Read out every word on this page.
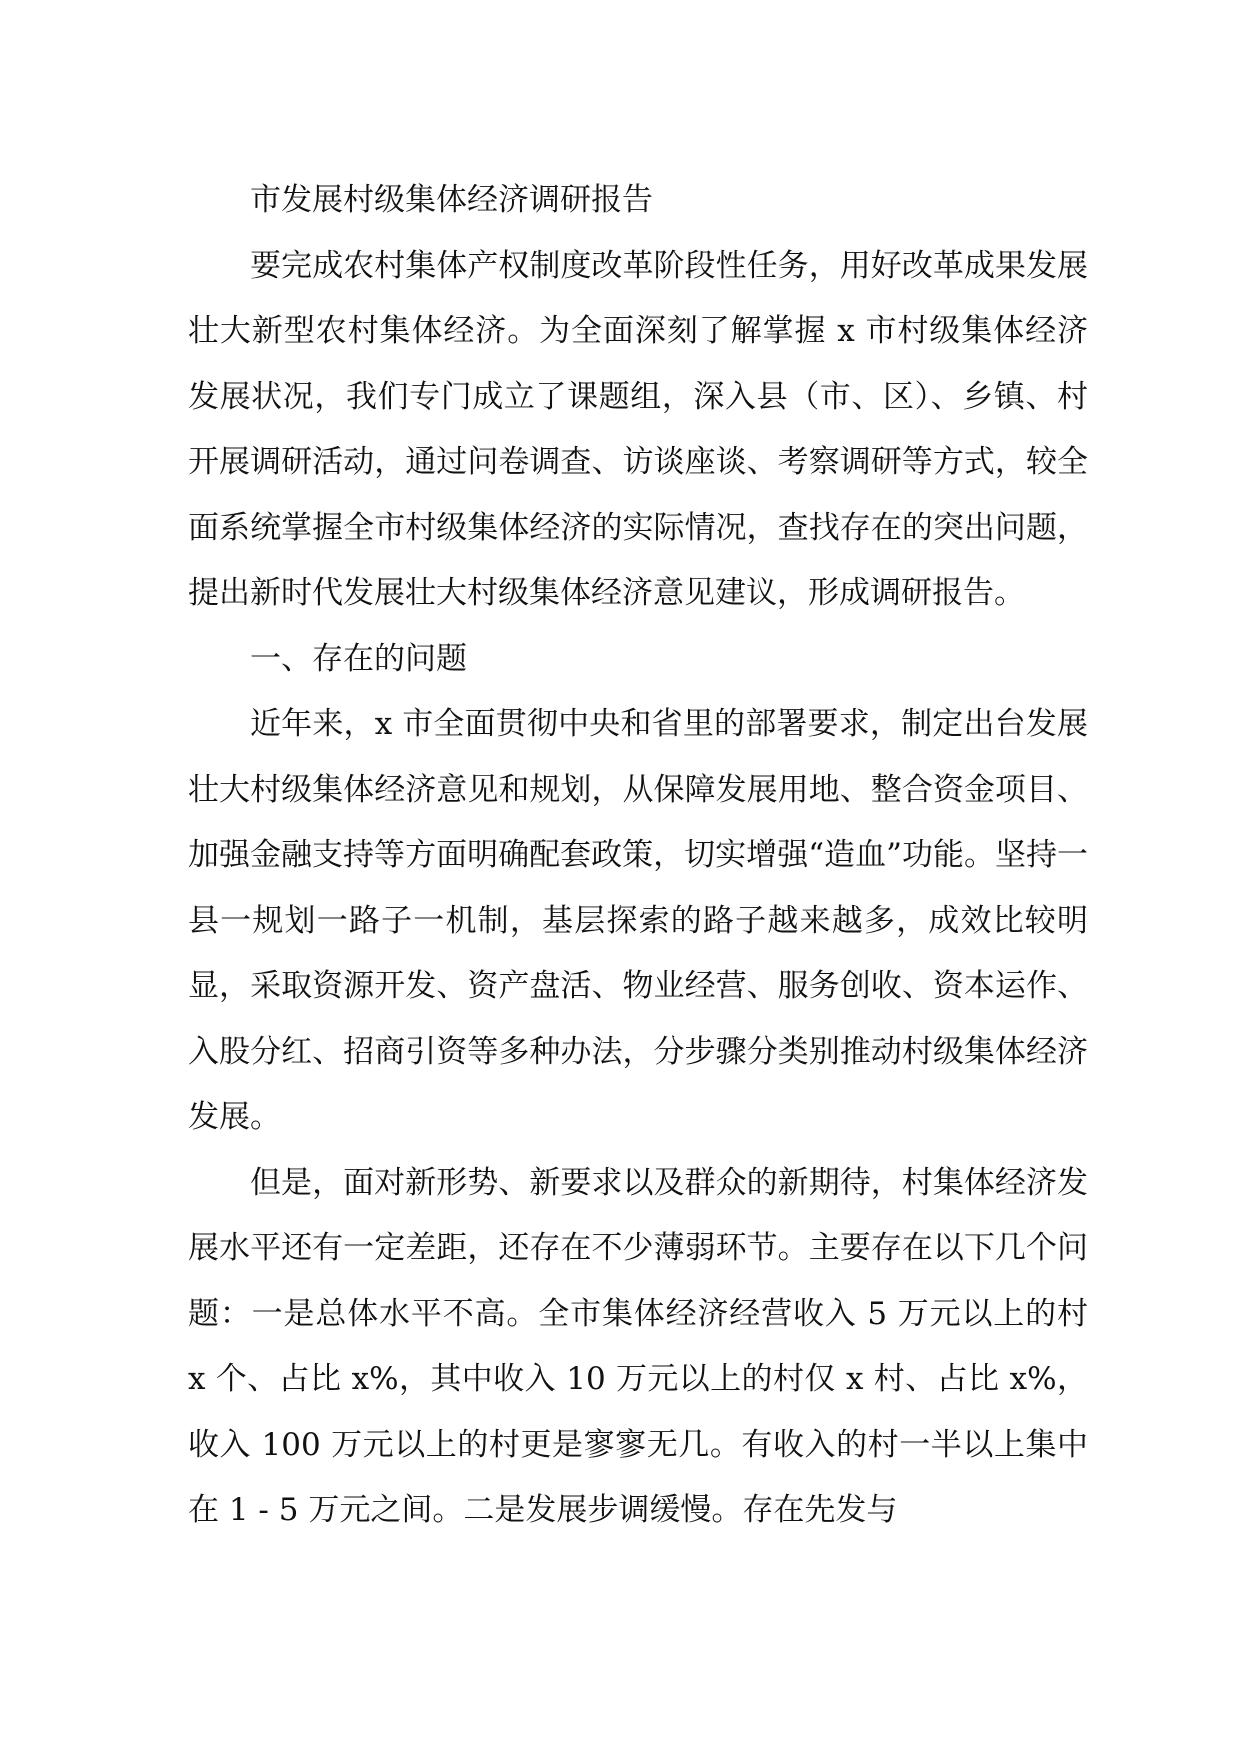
市发展村级集体经济调研报告

要完成农村集体产权制度改革阶段性任务，用好改革成果发展壮大新型农村集体经济。为全面深刻了解掌握 x 市村级集体经济发展状况，我们专门成立了课题组，深入县（市、区）、乡镇、村开展调研活动，通过问卷调查、访谈座谈、考察调研等方式，较全面系统掌握全市村级集体经济的实际情况，查找存在的突出问题，提出新时代发展壮大村级集体经济意见建议，形成调研报告。

一、存在的问题

近年来，x 市全面贯彻中央和省里的部署要求，制定出台发展壮大村级集体经济意见和规划，从保障发展用地、整合资金项目、加强金融支持等方面明确配套政策，切实增强“造血”功能。坚持一县一规划一路子一机制，基层探索的路子越来越多，成效比较明显，采取资源开发、资产盘活、物业经营、服务创收、资本运作、入股分红、招商引资等多种办法，分步骤分类别推动村级集体经济发展。

但是，面对新形势、新要求以及群众的新期待，村集体经济发展水平还有一定差距，还存在不少薄弱环节。主要存在以下几个问题：一是总体水平不高。全市集体经济经营收入 5 万元以上的村 x 个、占比 x%，其中收入 10 万元以上的村仅 x 村、占比 x%，收入 100 万元以上的村更是寥寥无几。有收入的村一半以上集中在 1 - 5 万元之间。二是发展步调缓慢。存在先发与
